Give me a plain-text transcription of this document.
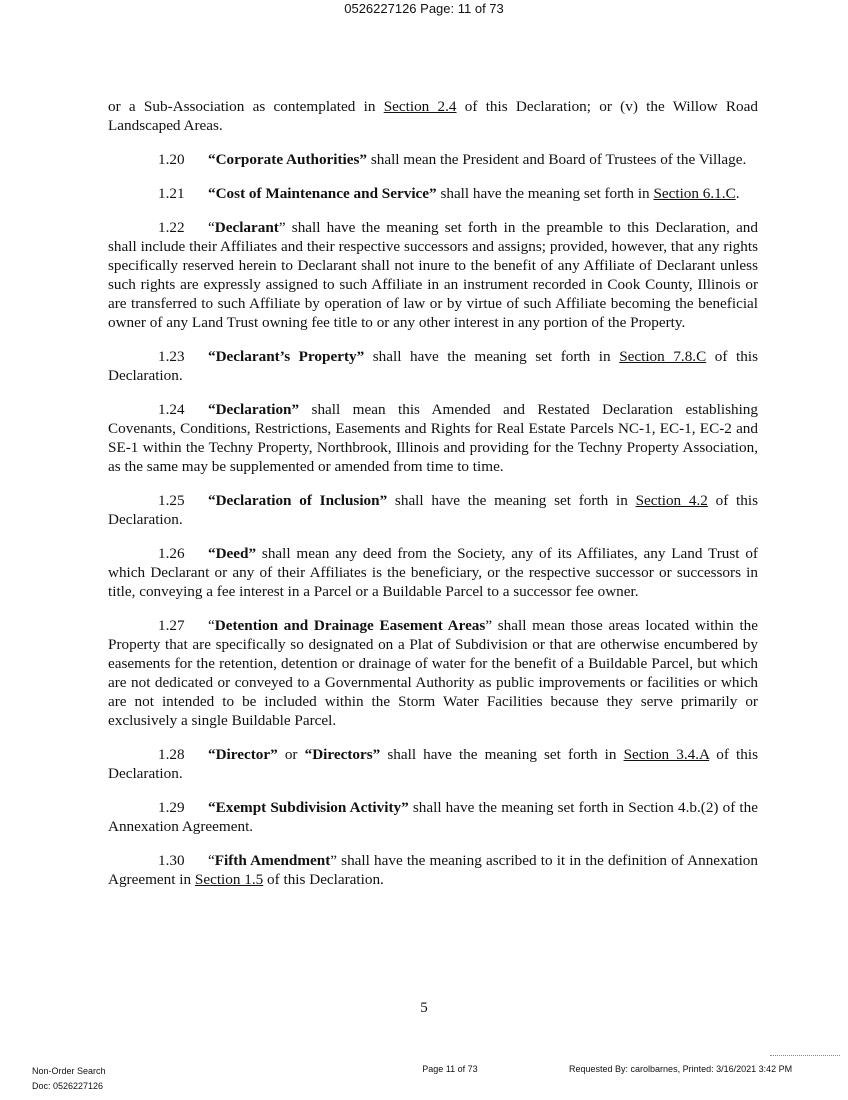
0526227126 Page: 11 of 73

or a Sub-Association as contemplated in Section 2.4 of this Declaration; or (v) the Willow Road Landscaped Areas.

1.20 “Corporate Authorities” shall mean the President and Board of Trustees of the Village.

1.21 “Cost of Maintenance and Service” shall have the meaning set forth in Section 6.1.C.

1.22 “Declarant” shall have the meaning set forth in the preamble to this Declaration, and shall include their Affiliates and their respective successors and assigns; provided, however, that any rights specifically reserved herein to Declarant shall not inure to the benefit of any Affiliate of Declarant unless such rights are expressly assigned to such Affiliate in an instrument recorded in Cook County, Illinois or are transferred to such Affiliate by operation of law or by virtue of such Affiliate becoming the beneficial owner of any Land Trust owning fee title to or any other interest in any portion of the Property.

1.23 “Declarant’s Property” shall have the meaning set forth in Section 7.8.C of this Declaration.

1.24 “Declaration” shall mean this Amended and Restated Declaration establishing Covenants, Conditions, Restrictions, Easements and Rights for Real Estate Parcels NC-1, EC-1, EC-2 and SE-1 within the Techny Property, Northbrook, Illinois and providing for the Techny Property Association, as the same may be supplemented or amended from time to time.

1.25 “Declaration of Inclusion” shall have the meaning set forth in Section 4.2 of this Declaration.

1.26 “Deed” shall mean any deed from the Society, any of its Affiliates, any Land Trust of which Declarant or any of their Affiliates is the beneficiary, or the respective successor or successors in title, conveying a fee interest in a Parcel or a Buildable Parcel to a successor fee owner.

1.27 “Detention and Drainage Easement Areas” shall mean those areas located within the Property that are specifically so designated on a Plat of Subdivision or that are otherwise encumbered by easements for the retention, detention or drainage of water for the benefit of a Buildable Parcel, but which are not dedicated or conveyed to a Governmental Authority as public improvements or facilities or which are not intended to be included within the Storm Water Facilities because they serve primarily or exclusively a single Buildable Parcel.

1.28 “Director” or “Directors” shall have the meaning set forth in Section 3.4.A of this Declaration.

1.29 “Exempt Subdivision Activity” shall have the meaning set forth in Section 4.b.(2) of the Annexation Agreement.

1.30 “Fifth Amendment” shall have the meaning ascribed to it in the definition of Annexation Agreement in Section 1.5 of this Declaration.

5
Non-Order Search
Doc: 0526227126
Page 11 of 73	Requested By: carolbarnes, Printed: 3/16/2021 3:42 PM
